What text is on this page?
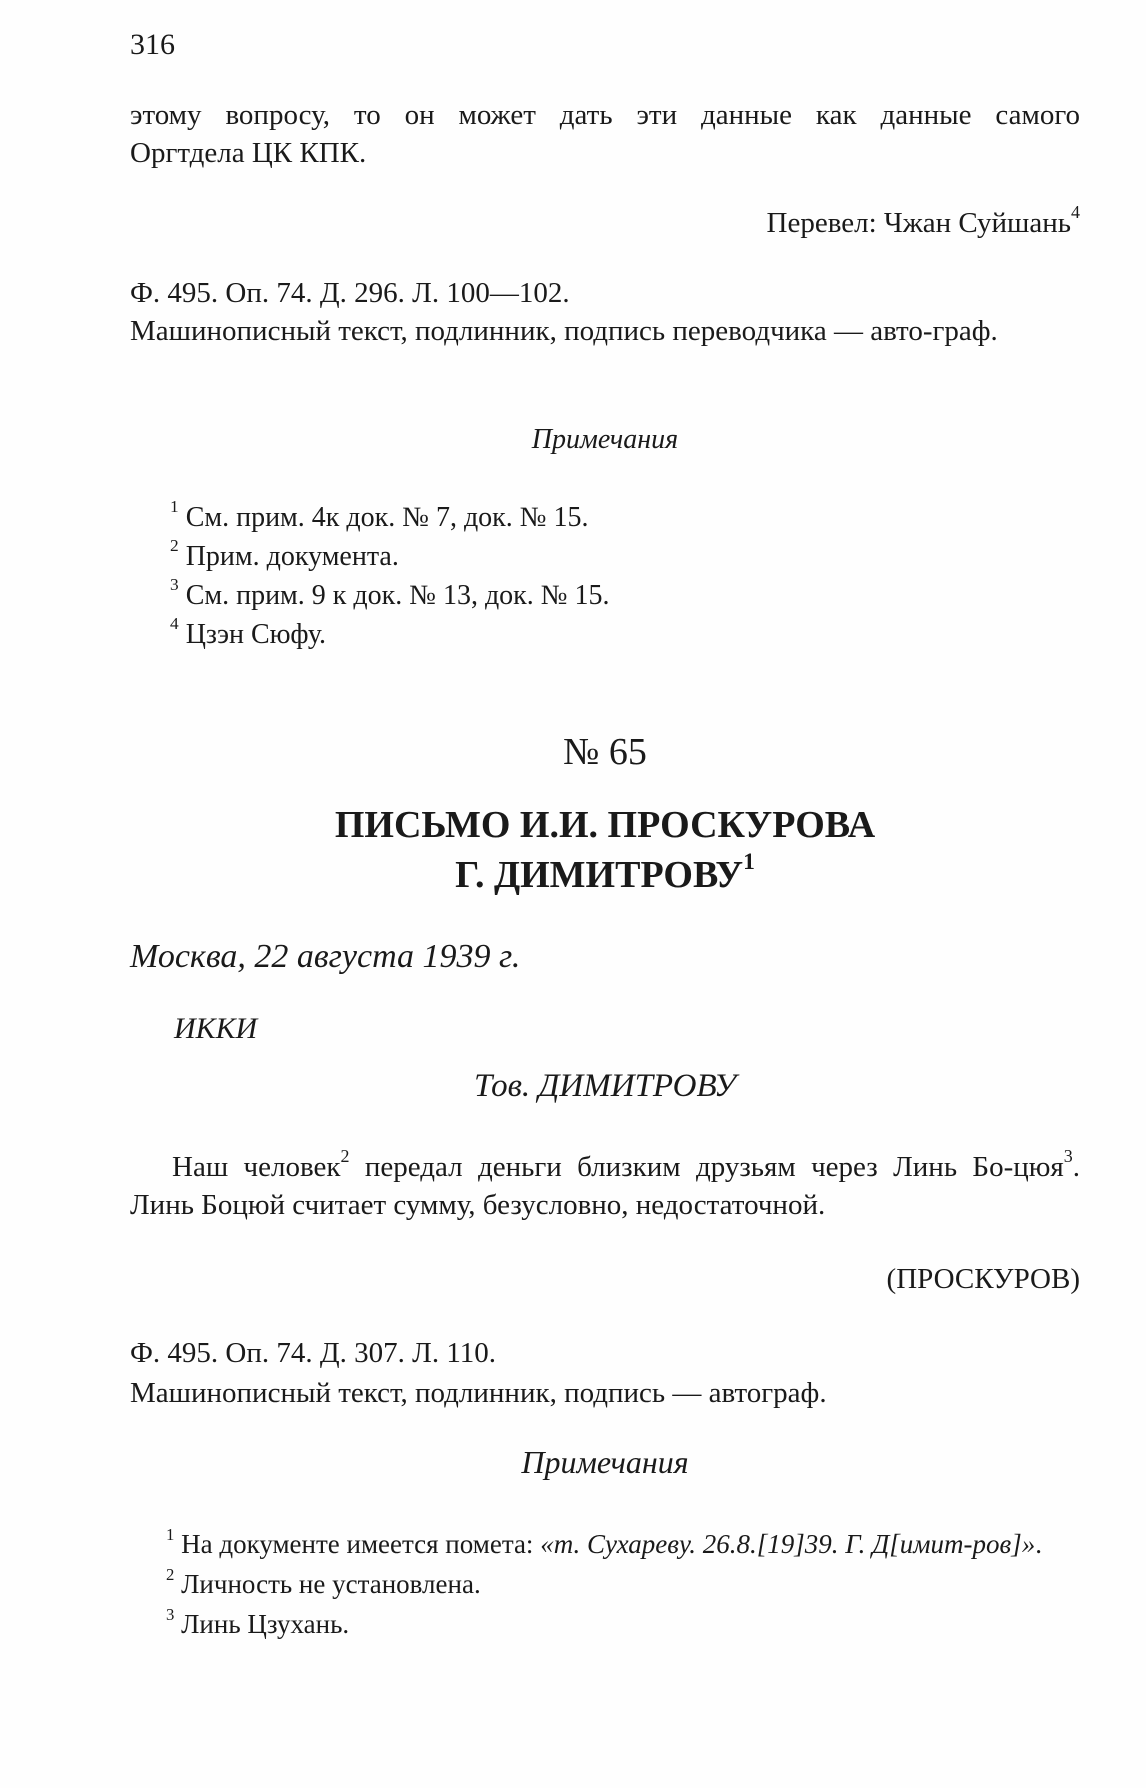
316
этому вопросу, то он может дать эти данные как данные самого
Оргтдела ЦК КПК.
Перевел: Чжан Суйшань$^4$
Ф. 495. Оп. 74. Д. 296. Л. 100—102.
Машинописный текст, подлинник, подпись переводчика — авто-граф.
Примечания
$^1$ См. прим. 4к док. № 7, док. № 15.
$^2$ Прим. документа.
$^3$ См. прим. 9 к док. № 13, док. № 15.
$^4$ Цзэн Сюфу.
№ 65
ПИСЬМО И.И. ПРОСКУРОВА
Г. ДИМИТРОВУ$^1$
Москва, 22 августа 1939 г.
ИККИ
Тов. ДИМИТРОВУ
Наш человек$^2$ передал деньги близким друзьям через Линь Бо-цюя$^3$. Линь Боцюй считает сумму, безусловно, недостаточной.
(ПРОСКУРОВ)
Ф. 495. Оп. 74. Д. 307. Л. 110.
Машинописный текст, подлинник, подпись — автограф.
Примечания
$^1$ На документе имеется помета: «т. Сухареву. 26.8.[19]39. Г. Д[имит-ров]».
$^2$ Личность не установлена.
$^3$ Линь Цзухань.
